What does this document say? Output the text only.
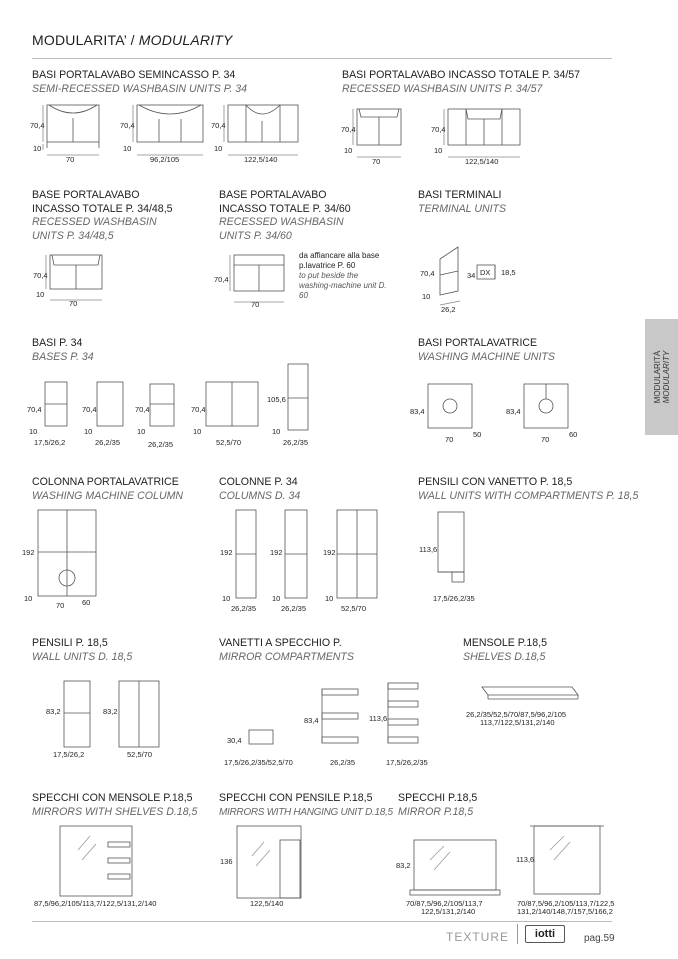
MODULARITA’ / MODULARITY
MODULARITÀ
MODULARITY
BASI PORTALAVABO SEMINCASSO P. 34
SEMI-RECESSED WASHBASIN UNITS P. 34
BASI PORTALAVABO INCASSO TOTALE P. 34/57
RECESSED WASHBASIN UNITS P. 34/57
70,4
10
70
70,4
10
96,2/105
70,4
10
122,5/140
70,4
10
70
70,4
10
122,5/140
BASE PORTALAVABO
INCASSO TOTALE P. 34/48,5
RECESSED WASHBASIN
UNITS P. 34/48,5
BASE PORTALAVABO
INCASSO TOTALE P. 34/60
RECESSED WASHBASIN
UNITS P. 34/60
BASI TERMINALI
TERMINAL UNITS
da affiancare alla base p.lavatrice P. 60
to put beside the washing-machine unit D. 60
70,4
10
70
70,4
70
70,4
10
26,2
34 DX 18,5
BASI P. 34
BASES P. 34
BASI PORTALAVATRICE
WASHING MACHINE UNITS
70,4
10
17,5/26,2
70,4
10
26,2/35
70,4
10
26,2/35
70,4
10
52,5/70
105,6
10
26,2/35
83,4
70
50
83,4
70
60
COLONNA PORTALAVATRICE
WASHING MACHINE COLUMN
COLONNE P. 34
COLUMNS D. 34
PENSILI CON VANETTO P. 18,5
WALL UNITS WITH COMPARTMENTS P. 18,5
192
10
70 60
192
10
26,2/35
192
10
26,2/35
192
10
52,5/70
113,6
17,5/26,2/35
PENSILI P. 18,5
WALL UNITS D. 18,5
VANETTI A SPECCHIO P.
MIRROR COMPARTMENTS
MENSOLE P.18,5
SHELVES D.18,5
83,2
17,5/26,2
83,2
52,5/70
30,4
17,5/26,2/35/52,5/70
83,4
26,2/35
113,6
17,5/26,2/35
26,2/35/52,5/70/87,5/96,2/105
113,7/122,5/131,2/140
SPECCHI CON MENSOLE P.18,5
MIRRORS WITH SHELVES D.18,5
SPECCHI CON PENSILE P.18,5
MIRRORS WITH HANGING UNIT D.18,5
SPECCHI P.18,5
MIRROR P.18,5
87,5/96,2/105/113,7/122,5/131,2/140
136
122,5/140
83,2
70/87,5/96,2/105/113,7
122,5/131,2/140
113,6
70/87,5/96,2/105/113,7/122,5
131,2/140/148,7/157,5/166,2
TEXTURE	iotti	pag.59
